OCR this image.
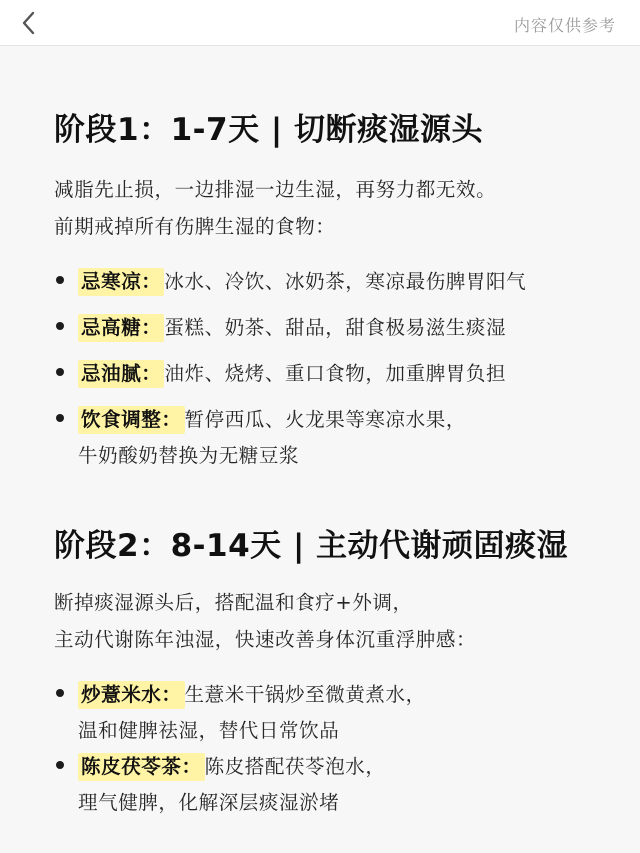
内容仅供参考
阶段1：1-7天 | 切断痰湿源头
减脂先止损，一边排湿一边生湿，再努力都无效。
前期戒掉所有伤脾生湿的食物：
忌寒凉： 冰水、冷饮、冰奶茶，寒凉最伤脾胃阳气
忌高糖： 蛋糕、奶茶、甜品，甜食极易滋生痰湿
忌油腻： 油炸、烧烤、重口食物，加重脾胃负担
饮食调整： 暂停西瓜、火龙果等寒凉水果，
牛奶酸奶替换为无糖豆浆
阶段2：8-14天 | 主动代谢顽固痰湿
断掉痰湿源头后，搭配温和食疗+外调，
主动代谢陈年浊湿，快速改善身体沉重浮肿感：
炒薏米水： 生薏米干锅炒至微黄煮水，
温和健脾祛湿，替代日常饮品
陈皮茯苓茶： 陈皮搭配茯苓泡水，
理气健脾，化解深层痰湿淤堵
